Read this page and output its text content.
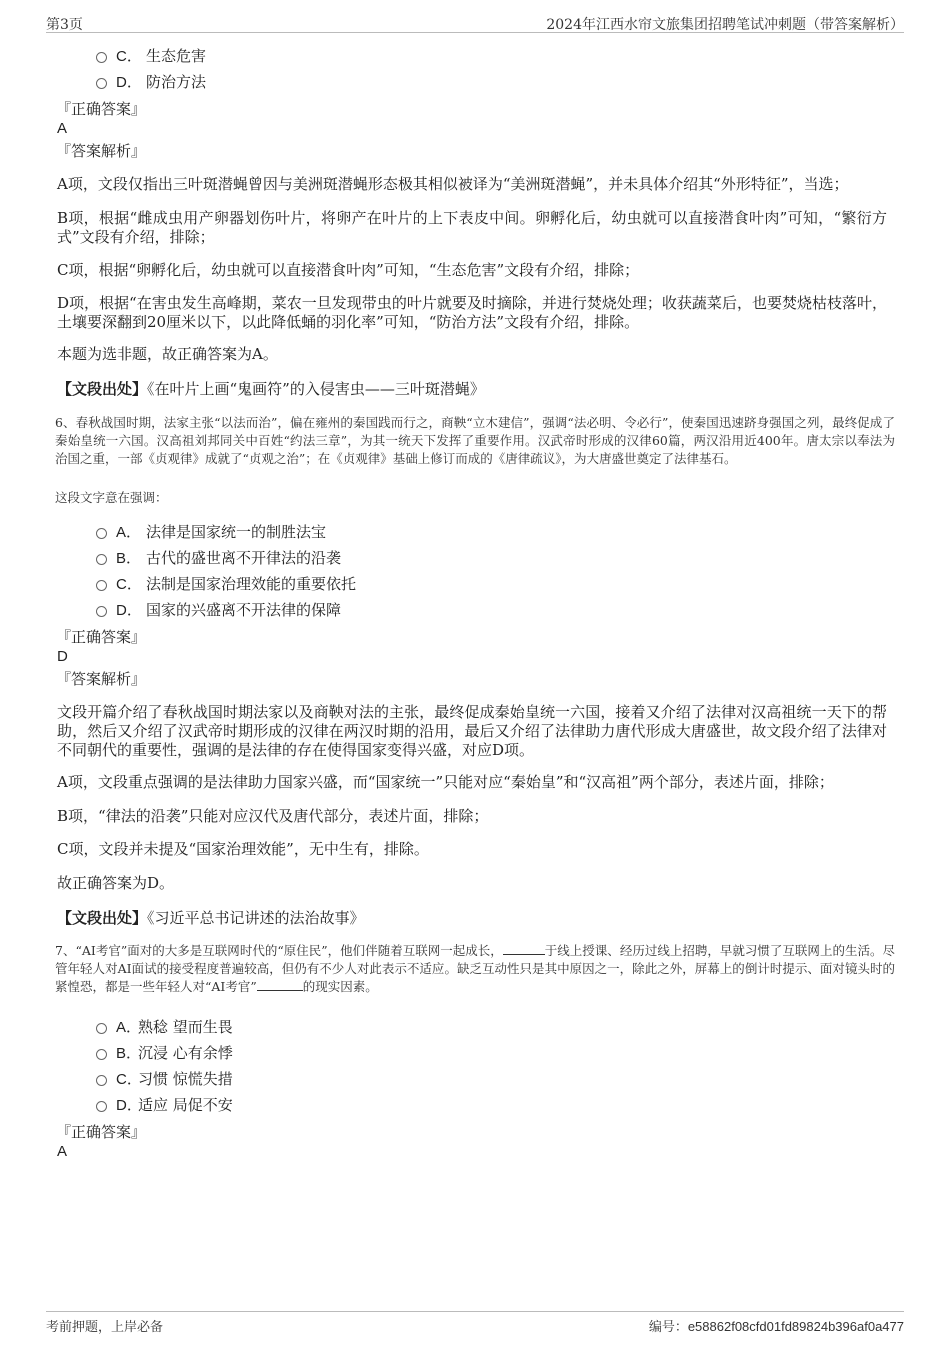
第3页	2024年江西水帘文旅集团招聘笔试冲刺题（带答案解析）
C． 生态危害
D． 防治方法
『正确答案』
A
『答案解析』
A项，文段仅指出三叶斑潜蝇曾因与美洲斑潜蝇形态极其相似被译为“美洲斑潜蝇”，并未具体介绍其“外形特征”，当选；
B项，根据“雌成虫用产卵器划伤叶片，将卵产在叶片的上下表皮中间。卵孵化后，幼虫就可以直接潜食叶肉”可知，“繁衍方式”文段有介绍，排除；
C项，根据“卵孵化后，幼虫就可以直接潜食叶肉”可知，“生态危害”文段有介绍，排除；
D项，根据“在害虫发生高峰期，菜农一旦发现带虫的叶片就要及时摘除，并进行焚烧处理；收获蔬菜后，也要焚烧枯枝落叶，土壤要深翻到20厘米以下，以此降低蛹的羽化率”可知，“防治方法”文段有介绍，排除。
本题为选非题，故正确答案为A。
【文段出处】《在叶片上画“鬼画符”的入侵害虫——三叶斑潜蝇》
6、春秋战国时期，法家主张“以法而治”，偏在雍州的秦国践而行之，商鞅“立木建信”，强调“法必明、令必行”，使秦国迅速跻身强国之列，最终促成了秦始皇统一六国。汉高祖刘邦同关中百姓“约法三章”，为其一统天下发挥了重要作用。汉武帝时形成的汉律60篇，两汉沿用近400年。唐太宗以奉法为治国之重，一部《贞观律》成就了“贞观之治”；在《贞观律》基础上修订而成的《唐律疏议》，为大唐盛世奠定了法律基石。
这段文字意在强调：
A． 法律是国家统一的制胜法宝
B． 古代的盛世离不开律法的沿袭
C． 法制是国家治理效能的重要依托
D． 国家的兴盛离不开法律的保障
『正确答案』
D
『答案解析』
文段开篇介绍了春秋战国时期法家以及商鞅对法的主张，最终促成秦始皇统一六国，接着又介绍了法律对汉高祖统一天下的帮助，然后又介绍了汉武帝时期形成的汉律在两汉时期的沿用，最后又介绍了法律助力唐代形成大唐盛世，故文段介绍了法律对不同朝代的重要性，强调的是法律的存在使得国家变得兴盛，对应D项。
A项，文段重点强调的是法律助力国家兴盛，而“国家统一”只能对应“秦始皇”和“汉高祖”两个部分，表述片面，排除；
B项，“律法的沿袭”只能对应汉代及唐代部分，表述片面，排除；
C项，文段并未提及“国家治理效能”，无中生有，排除。
故正确答案为D。
【文段出处】《习近平总书记讲述的法治故事》
7、“AI考官”面对的大多是互联网时代的“原住民”，他们伴随着互联网一起成长，	于线上授课、经历过线上招聘，早就习惯了互联网上的生活。尽管年轻人对AI面试的接受程度普遍较高，但仍有不少人对此表示不适应。缺乏互动性只是其中原因之一，除此之外，屏幕上的倒计时提示、面对镜头时的紧惶恐，都是一些年轻人对“AI考官”	的现实因素。
A．熟稔 望而生畏
B．沉浸 心有余悸
C．习惯 惊慌失措
D．适应 局促不安
『正确答案』
A
考前押题，上岸必备	编号：e58862f08cfd01fd89824b396af0a477
